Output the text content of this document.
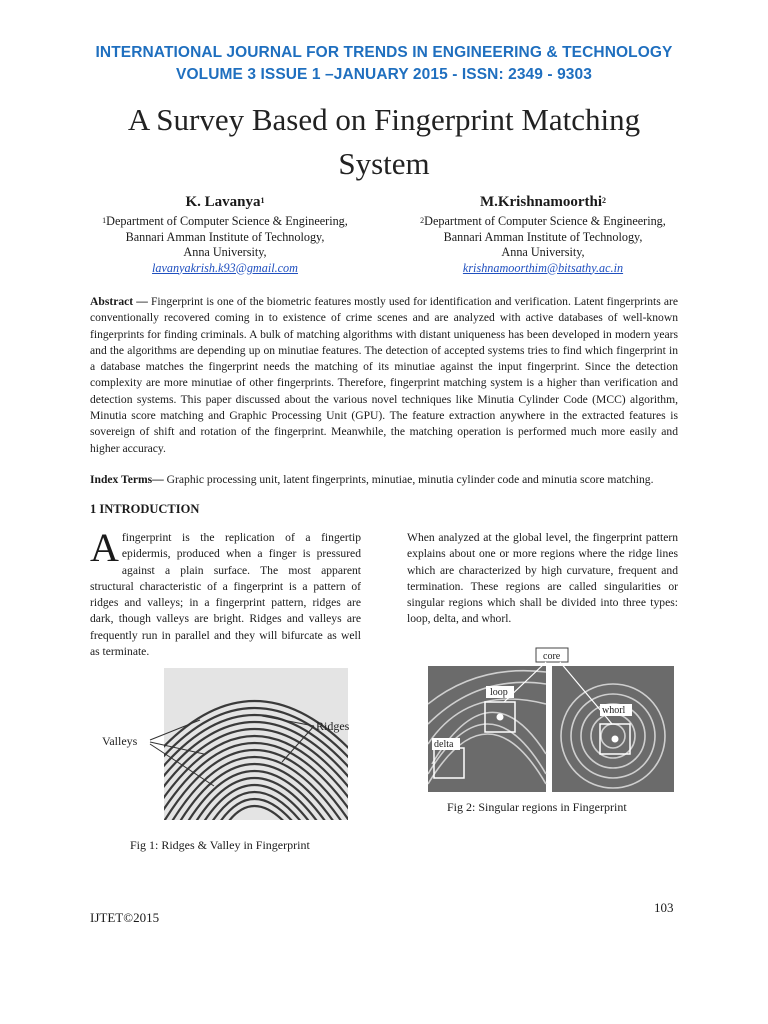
INTERNATIONAL JOURNAL FOR TRENDS IN ENGINEERING & TECHNOLOGY
VOLUME 3 ISSUE 1 –JANUARY 2015 - ISSN: 2349 - 9303
A Survey Based on Fingerprint Matching
System
K. Lavanya$^1$
$^1$Department of Computer Science & Engineering,
Bannari Amman Institute of Technology,
Anna University,
lavanyakrish.k93@gmail.com
M.Krishnamoorthi$^2$
$^2$Department of Computer Science & Engineering,
Bannari Amman Institute of Technology,
Anna University,
krishnamoorthim@bitsathy.ac.in
Abstract — Fingerprint is one of the biometric features mostly used for identification and verification. Latent fingerprints are conventionally recovered coming in to existence of crime scenes and are analyzed with active databases of well-known fingerprints for finding criminals. A bulk of matching algorithms with distant uniqueness has been developed in modern years and the algorithms are depending up on minutiae features. The detection of accepted systems tries to find which fingerprint in a database matches the fingerprint needs the matching of its minutiae against the input fingerprint. Since the detection complexity are more minutiae of other fingerprints. Therefore, fingerprint matching system is a higher than verification and detection systems. This paper discussed about the various novel techniques like Minutia Cylinder Code (MCC) algorithm, Minutia score matching and Graphic Processing Unit (GPU). The feature extraction anywhere in the extracted features is sovereign of shift and rotation of the fingerprint. Meanwhile, the matching operation is performed much more easily and higher accuracy.
Index Terms— Graphic processing unit, latent fingerprints, minutiae, minutia cylinder code and minutia score matching.
1 INTRODUCTION
A fingerprint is the replication of a fingertip epidermis, produced when a finger is pressured against a plain surface. The most apparent structural characteristic of a fingerprint is a pattern of ridges and valleys; in a fingerprint pattern, ridges are dark, though valleys are bright. Ridges and valleys are frequently run in parallel and they will bifurcate as well as terminate.
When analyzed at the global level, the fingerprint pattern explains about one or more regions where the ridge lines which are characterized by high curvature, frequent and termination. These regions are called singularities or singular regions which shall be divided into three types: loop, delta, and whorl.
Valleys
Ridges
Fig 1: Ridges & Valley in Fingerprint
core
loop
whorl
delta
Fig 2: Singular regions in Fingerprint
IJTET©2015
103
